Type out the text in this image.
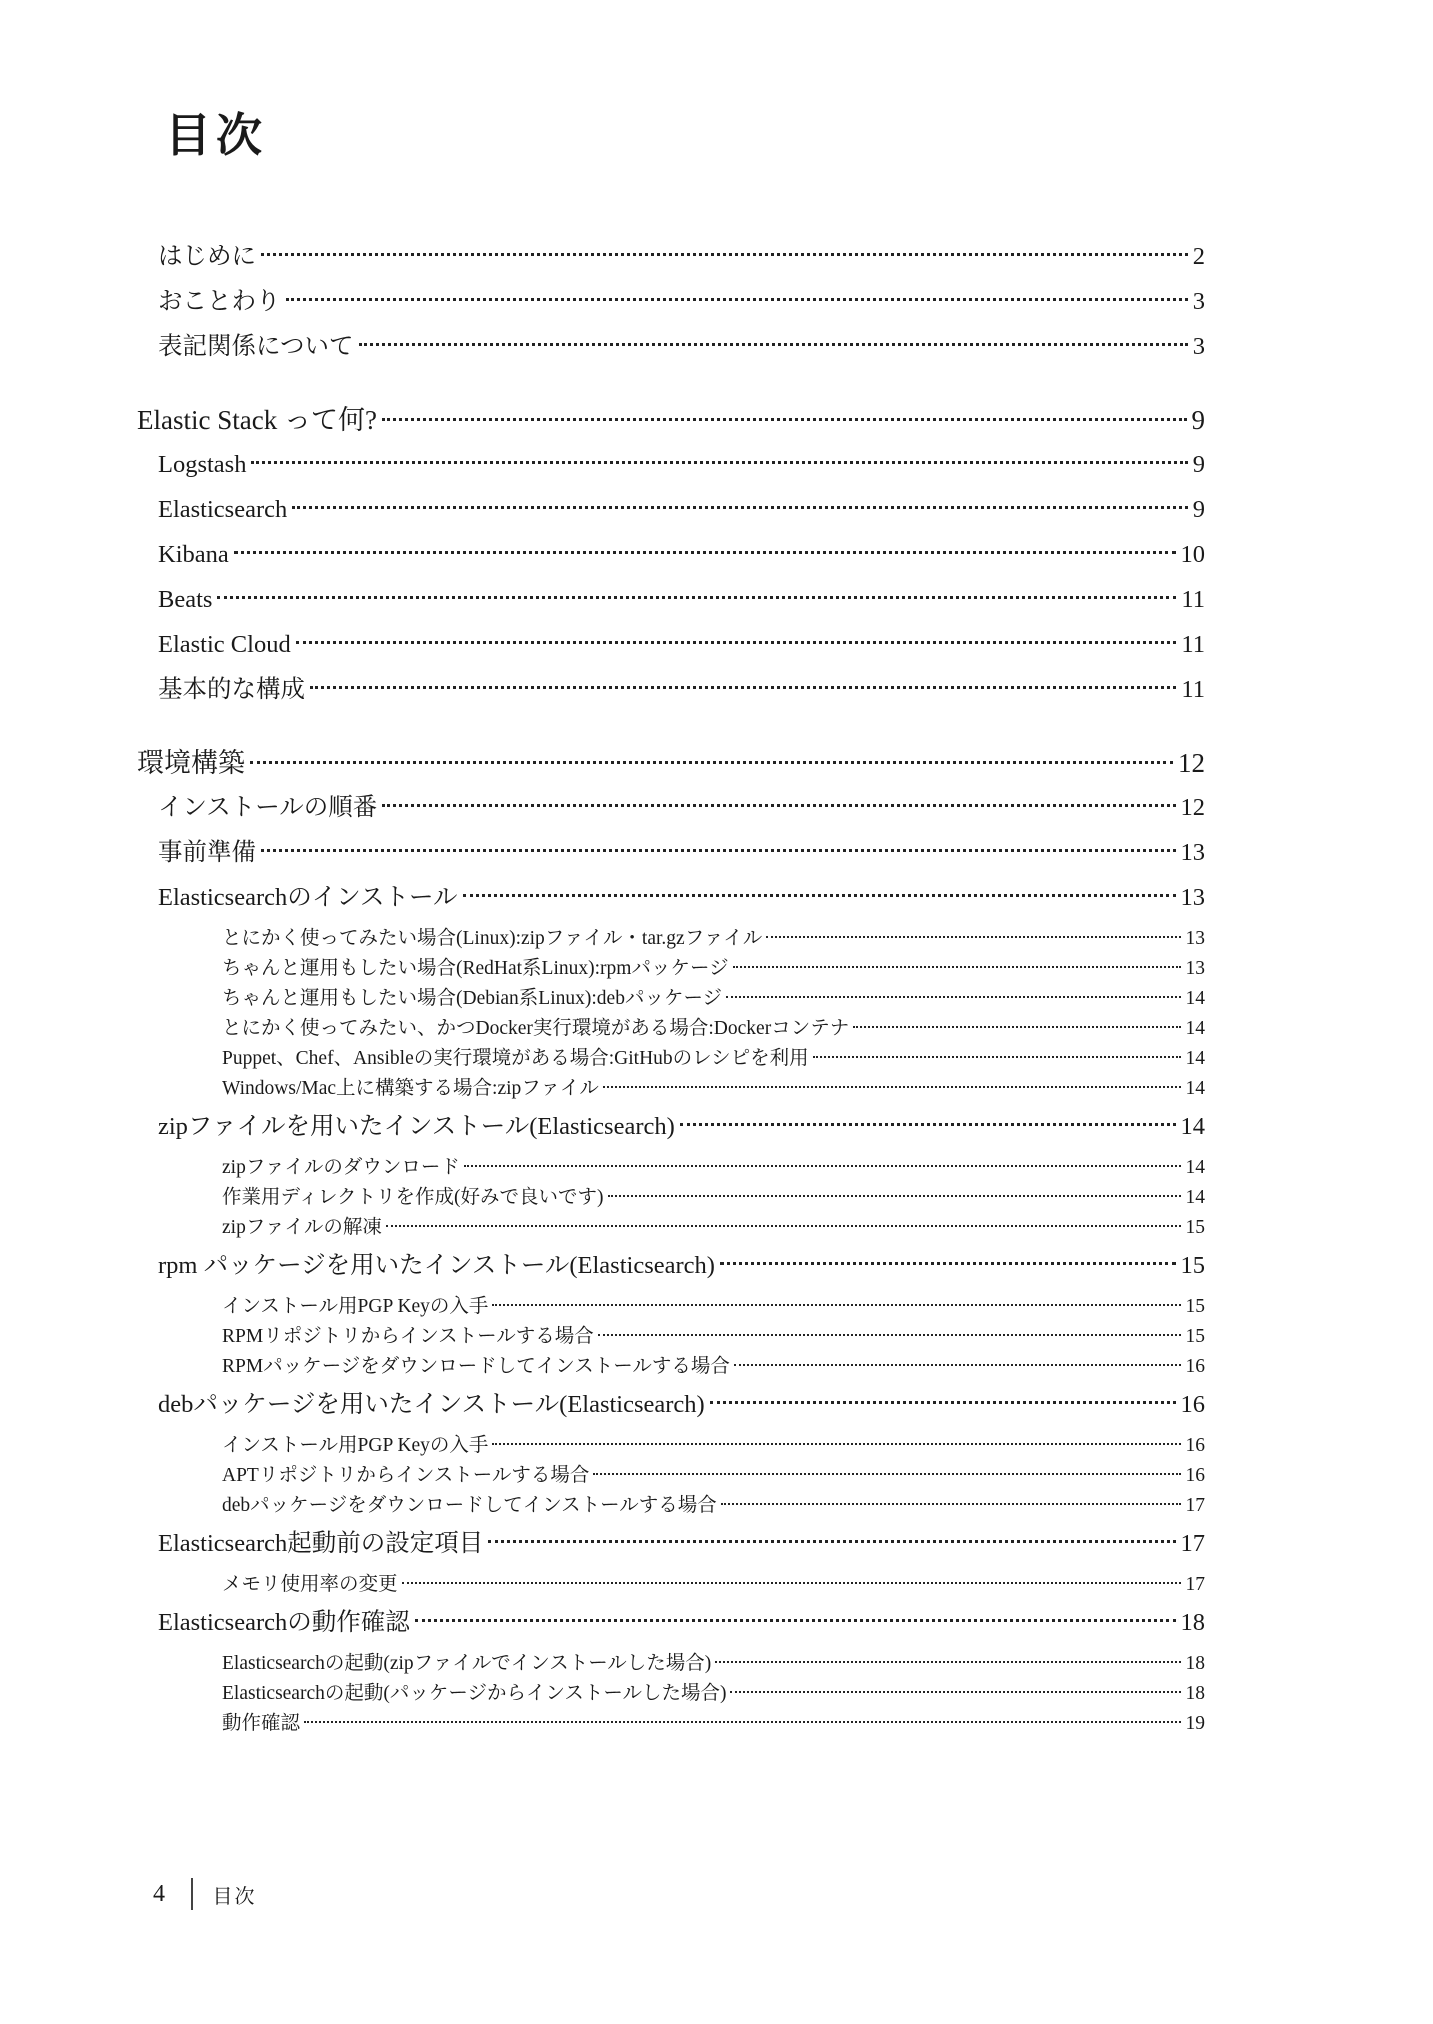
目次
はじめに	2
おことわり	3
表記関係について	3
Elastic Stack って何?	9
Logstash	9
Elasticsearch	9
Kibana	10
Beats	11
Elastic Cloud	11
基本的な構成	11
環境構築	12
インストールの順番	12
事前準備	13
Elasticsearchのインストール	13
とにかく使ってみたい場合(Linux):zipファイル・tar.gzファイル	13
ちゃんと運用もしたい場合(RedHat系Linux):rpmパッケージ	13
ちゃんと運用もしたい場合(Debian系Linux):debパッケージ	14
とにかく使ってみたい、かつDocker実行環境がある場合:Dockerコンテナ	14
Puppet、Chef、Ansibleの実行環境がある場合:GitHubのレシピを利用	14
Windows/Mac上に構築する場合:zipファイル	14
zipファイルを用いたインストール(Elasticsearch)	14
zipファイルのダウンロード	14
作業用ディレクトリを作成(好みで良いです)	14
zipファイルの解凍	15
rpm パッケージを用いたインストール(Elasticsearch)	15
インストール用PGP Keyの入手	15
RPMリポジトリからインストールする場合	15
RPMパッケージをダウンロードしてインストールする場合	16
debパッケージを用いたインストール(Elasticsearch)	16
インストール用PGP Keyの入手	16
APTリポジトリからインストールする場合	16
debパッケージをダウンロードしてインストールする場合	17
Elasticsearch起動前の設定項目	17
メモリ使用率の変更	17
Elasticsearchの動作確認	18
Elasticsearchの起動(zipファイルでインストールした場合)	18
Elasticsearchの起動(パッケージからインストールした場合)	18
動作確認	19
4 目次
